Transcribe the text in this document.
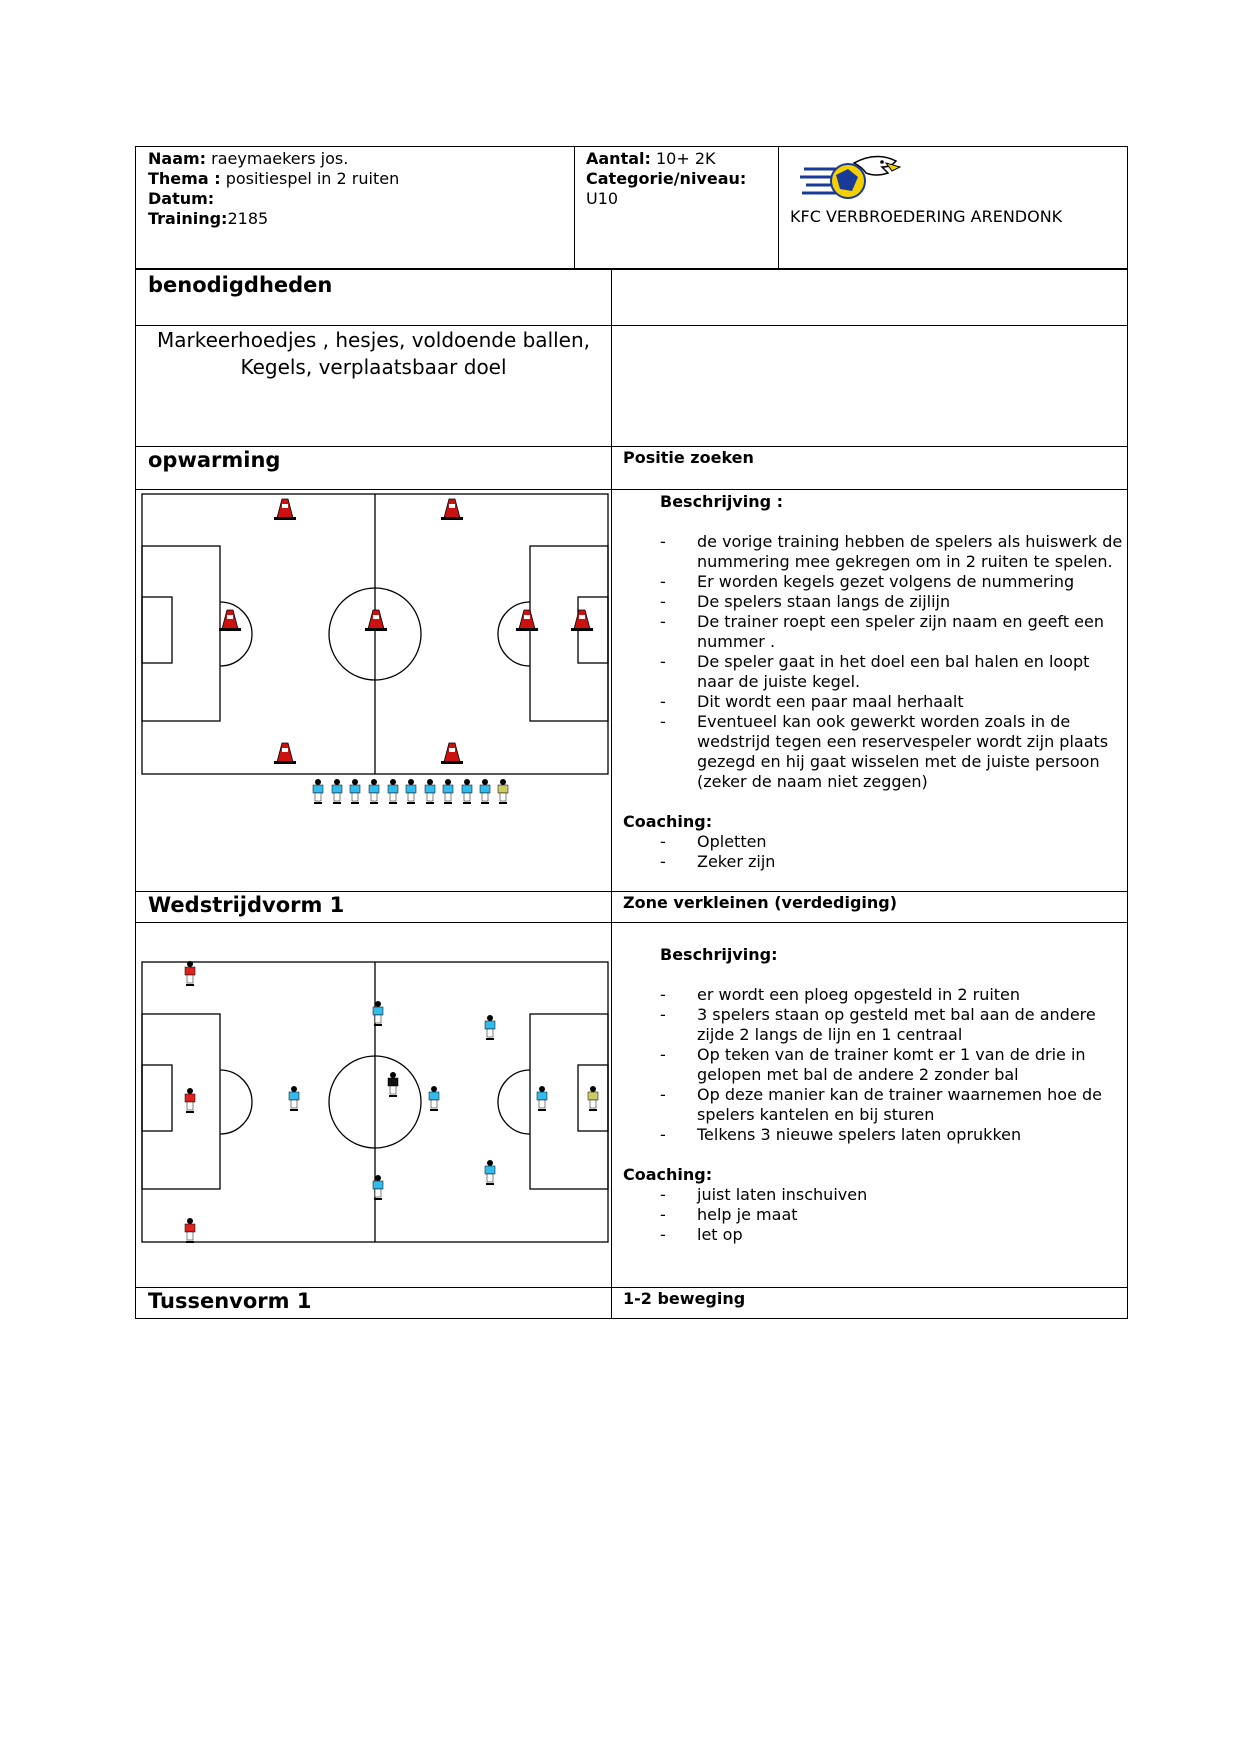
Naam: raeymaekers jos.
Thema : positiespel in 2 ruiten
Datum:
Training:2185
Aantal: 10+ 2K
Categorie/niveau:
U10
KFC VERBROEDERING ARENDONK
benodigdheden
Markeerhoedjes , hesjes, voldoende ballen,
Kegels, verplaatsbaar doel
opwarming	Positie zoeken
Beschrijving :
- de vorige training hebben de spelers als huiswerk de nummering mee gekregen om in 2 ruiten te spelen.
- Er worden kegels gezet volgens de nummering
- De spelers staan langs de zijlijn
- De trainer roept een speler zijn naam en geeft een nummer .
- De speler gaat in het doel een bal halen en loopt naar de juiste kegel.
- Dit wordt een paar maal herhaalt
- Eventueel kan ook gewerkt worden zoals in de wedstrijd tegen een reservespeler wordt zijn plaats gezegd en hij gaat wisselen met de juiste persoon (zeker de naam niet zeggen)
Coaching:
- Opletten
- Zeker zijn
Wedstrijdvorm 1	Zone verkleinen (verdediging)
Beschrijving:
- er wordt een ploeg opgesteld in 2 ruiten
- 3 spelers staan op gesteld met bal aan de andere zijde 2 langs de lijn en 1 centraal
- Op teken van de trainer komt er 1 van de drie in gelopen met bal de andere 2 zonder bal
- Op deze manier kan de trainer waarnemen hoe de spelers kantelen en bij sturen
- Telkens 3 nieuwe spelers laten oprukken
Coaching:
- juist laten inschuiven
- help je maat
- let op
Tussenvorm 1	1-2 beweging
